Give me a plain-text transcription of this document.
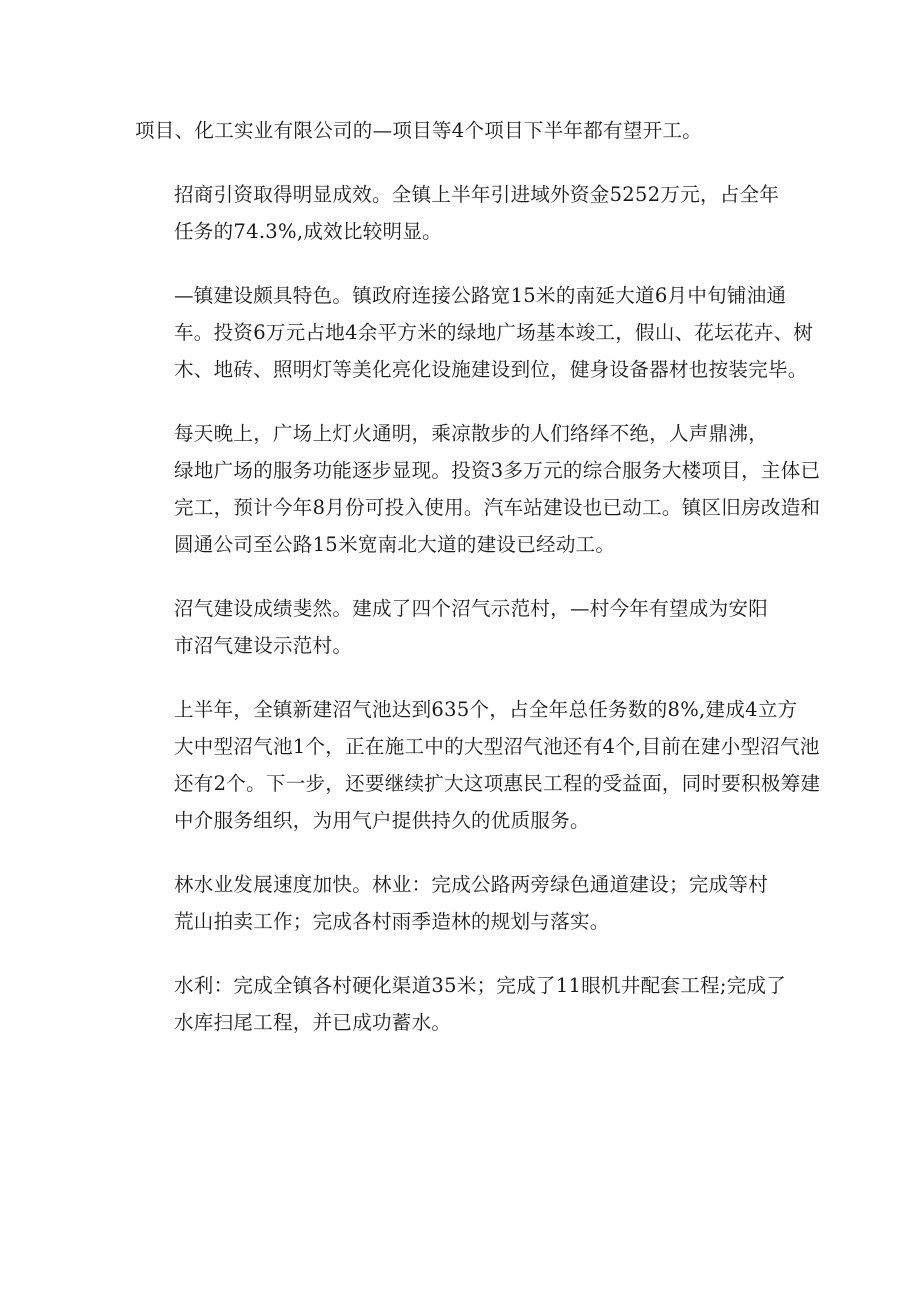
项目、化工实业有限公司的—项目等4个项目下半年都有望开工。

招商引资取得明显成效。全镇上半年引进域外资金5252万元，占全年
任务的74.3%,成效比较明显。

—镇建设颇具特色。镇政府连接公路宽15米的南延大道6月中旬铺油通
车。投资6万元占地4余平方米的绿地广场基本竣工，假山、花坛花卉、树
木、地砖、照明灯等美化亮化设施建设到位，健身设备器材也按装完毕。

每天晚上，广场上灯火通明，乘凉散步的人们络绎不绝，人声鼎沸，
绿地广场的服务功能逐步显现。投资3多万元的综合服务大楼项目，主体已
完工，预计今年8月份可投入使用。汽车站建设也已动工。镇区旧房改造和
圆通公司至公路15米宽南北大道的建设已经动工。

沼气建设成绩斐然。建成了四个沼气示范村，—村今年有望成为安阳
市沼气建设示范村。

上半年，全镇新建沼气池达到635个，占全年总任务数的8%,建成4立方
大中型沼气池1个，正在施工中的大型沼气池还有4个,目前在建小型沼气池
还有2个。下一步，还要继续扩大这项惠民工程的受益面，同时要积极筹建
中介服务组织，为用气户提供持久的优质服务。

林水业发展速度加快。林业：完成公路两旁绿色通道建设；完成等村
荒山拍卖工作；完成各村雨季造林的规划与落实。

水利：完成全镇各村硬化渠道35米；完成了11眼机井配套工程;完成了
水库扫尾工程，并已成功蓄水。
